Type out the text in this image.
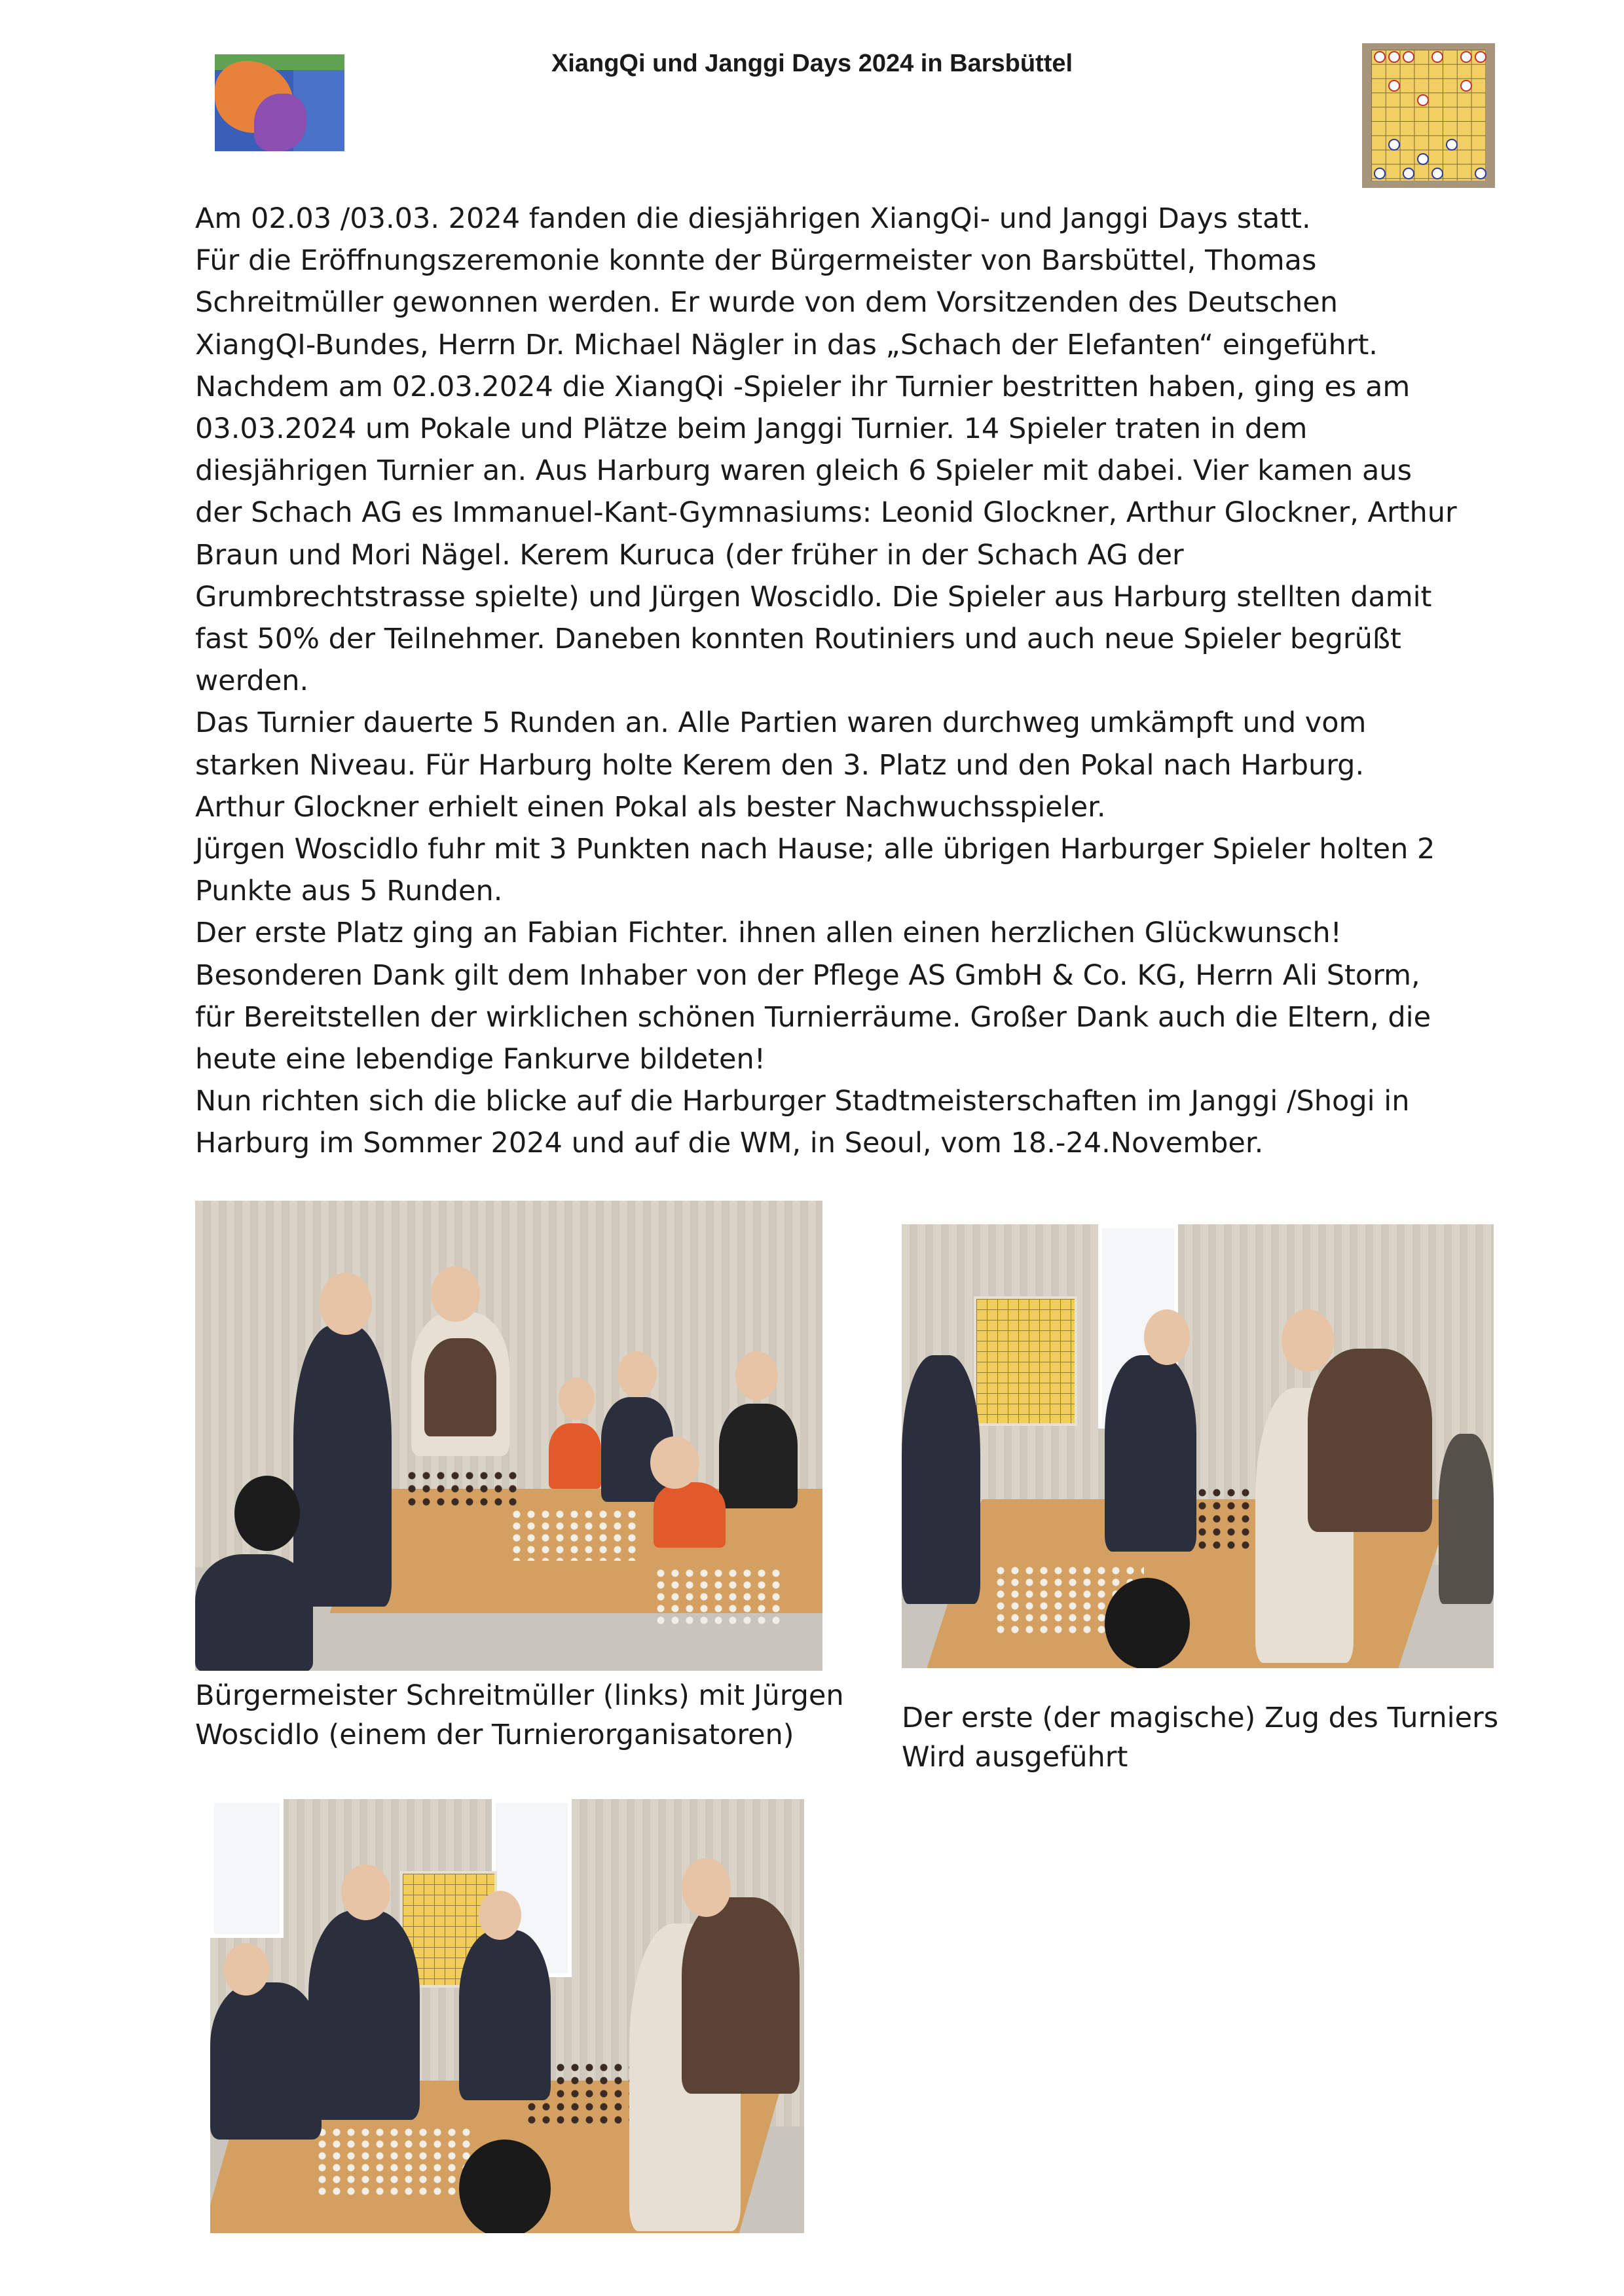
XiangQi und Janggi Days 2024 in Barsbüttel

Am 02.03 /03.03. 2024 fanden die diesjährigen XiangQi- und Janggi Days statt.

Für die Eröffnungszeremonie konnte der Bürgermeister von Barsbüttel, Thomas

Schreitmüller gewonnen werden. Er wurde von dem Vorsitzenden des Deutschen

XiangQI-Bundes, Herrn Dr. Michael Nägler in das „Schach der Elefanten“ eingeführt.

Nachdem am 02.03.2024 die XiangQi -Spieler ihr Turnier bestritten haben, ging es am

03.03.2024 um Pokale und Plätze beim Janggi Turnier. 14 Spieler traten in dem

diesjährigen Turnier an. Aus Harburg waren gleich 6 Spieler mit dabei. Vier kamen aus

der Schach AG es Immanuel-Kant-Gymnasiums: Leonid Glockner, Arthur Glockner, Arthur

Braun und Mori Nägel. Kerem Kuruca (der früher in der Schach AG der

Grumbrechtstrasse spielte) und Jürgen Woscidlo. Die Spieler aus Harburg stellten damit

fast 50% der Teilnehmer. Daneben konnten Routiniers und auch neue Spieler begrüßt

werden.

Das Turnier dauerte 5 Runden an. Alle Partien waren durchweg umkämpft und vom

starken Niveau. Für Harburg holte Kerem den 3. Platz und den Pokal nach Harburg.

Arthur Glockner erhielt einen Pokal als bester Nachwuchsspieler.

Jürgen Woscidlo fuhr mit 3 Punkten nach Hause; alle übrigen Harburger Spieler holten 2

Punkte aus 5 Runden.

Der erste Platz ging an Fabian Fichter. ihnen allen einen herzlichen Glückwunsch!

Besonderen Dank gilt dem Inhaber von der Pflege AS GmbH & Co. KG, Herrn Ali Storm,

für Bereitstellen der wirklichen schönen Turnierräume. Großer Dank auch die Eltern, die

heute eine lebendige Fankurve bildeten!

Nun richten sich die blicke auf die Harburger Stadtmeisterschaften im Janggi /Shogi in

Harburg im Sommer 2024 und auf die WM, in Seoul, vom 18.-24.November.

Bürgermeister Schreitmüller (links) mit Jürgen

Woscidlo (einem der Turnierorganisatoren)

Der erste (der magische) Zug des Turniers

Wird ausgeführt
